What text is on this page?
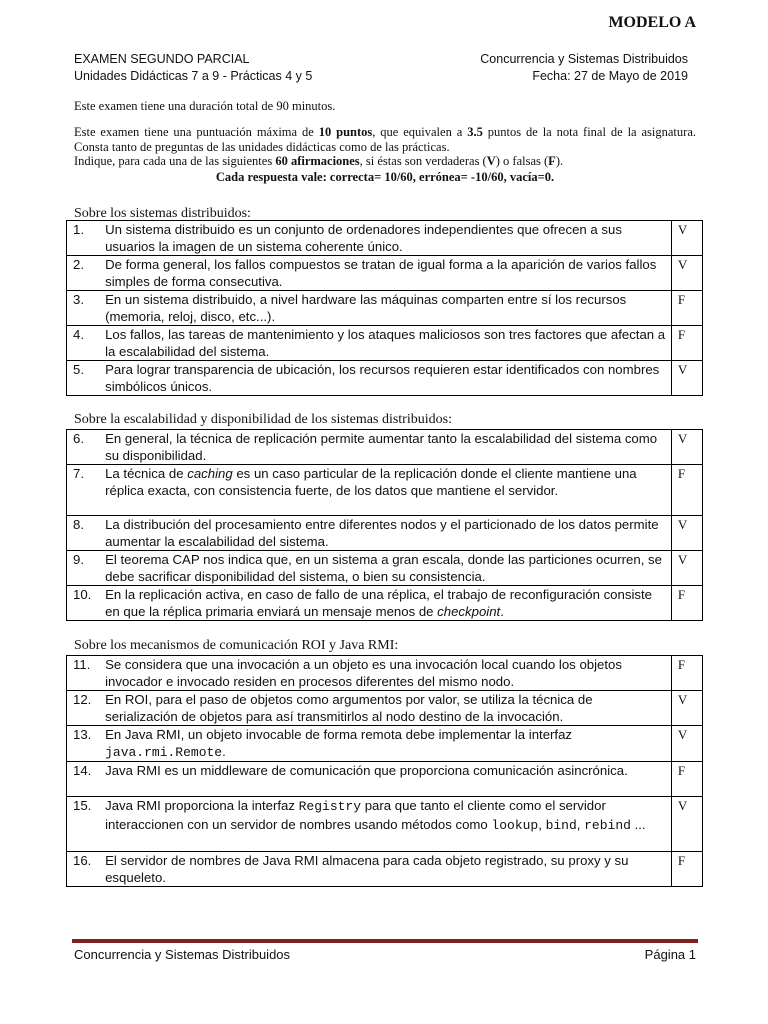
MODELO A
EXAMEN SEGUNDO PARCIAL
Unidades Didácticas 7 a 9 - Prácticas 4 y 5
Concurrencia y Sistemas Distribuidos
Fecha: 27 de Mayo de 2019
Este examen tiene una duración total de 90 minutos.
Este examen tiene una puntuación máxima de 10 puntos, que equivalen a 3.5 puntos de la nota final de la asignatura. Consta tanto de preguntas de las unidades didácticas como de las prácticas.
Indique, para cada una de las siguientes 60 afirmaciones, si éstas son verdaderas (V) o falsas (F).
Cada respuesta vale: correcta= 10/60, errónea= -10/60, vacía=0.
Sobre los sistemas distribuidos:
1.	Un sistema distribuido es un conjunto de ordenadores independientes que ofrecen a sus usuarios la imagen de un sistema coherente único.	V
2.	De forma general, los fallos compuestos se tratan de igual forma a la aparición de varios fallos simples de forma consecutiva.	V
3.	En un sistema distribuido, a nivel hardware las máquinas comparten entre sí los recursos (memoria, reloj, disco, etc...).	F
4.	Los fallos, las tareas de mantenimiento y los ataques maliciosos son tres factores que afectan a la escalabilidad del sistema.	F
5.	Para lograr transparencia de ubicación, los recursos requieren estar identificados con nombres simbólicos únicos.	V
Sobre la escalabilidad y disponibilidad de los sistemas distribuidos:
6.	En general, la técnica de replicación permite aumentar tanto la escalabilidad del sistema como su disponibilidad.	V
7.	La técnica de caching es un caso particular de la replicación donde el cliente mantiene una réplica exacta, con consistencia fuerte, de los datos que mantiene el servidor.	F
8.	La distribución del procesamiento entre diferentes nodos y el particionado de los datos permite aumentar la escalabilidad del sistema.	V
9.	El teorema CAP nos indica que, en un sistema a gran escala, donde las particiones ocurren, se debe sacrificar disponibilidad del sistema, o bien su consistencia.	V
10.	En la replicación activa, en caso de fallo de una réplica, el trabajo de reconfiguración consiste en que la réplica primaria enviará un mensaje menos de checkpoint.	F
Sobre los mecanismos de comunicación ROI y Java RMI:
11.	Se considera que una invocación a un objeto es una invocación local cuando los objetos invocador e invocado residen en procesos diferentes del mismo nodo.	F
12.	En ROI, para el paso de objetos como argumentos por valor, se utiliza la técnica de serialización de objetos para así transmitirlos al nodo destino de la invocación.	V
13.	En Java RMI, un objeto invocable de forma remota debe implementar la interfaz java.rmi.Remote.	V
14.	Java RMI es un middleware de comunicación que proporciona comunicación asincrónica.	F
15.	Java RMI proporciona la interfaz Registry para que tanto el cliente como el servidor interaccionen con un servidor de nombres usando métodos como lookup, bind, rebind ...	V
16.	El servidor de nombres de Java RMI almacena para cada objeto registrado, su proxy y su esqueleto.	F
Concurrencia y Sistemas Distribuidos	Página 1
